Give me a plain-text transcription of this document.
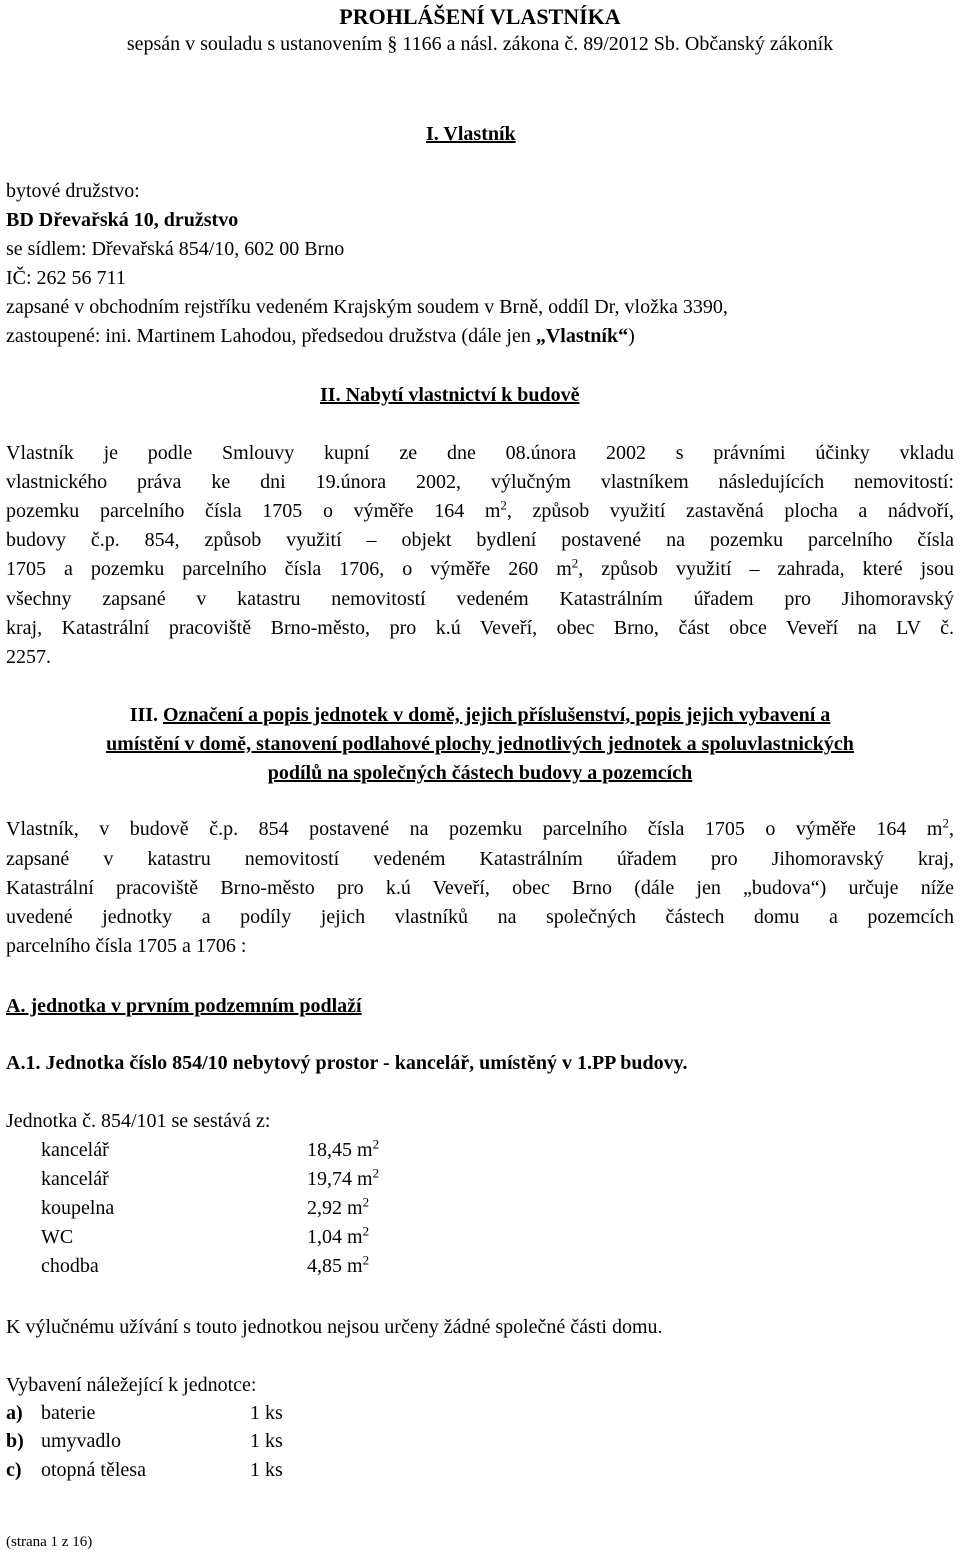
PROHLÁŠENÍ VLASTNÍKA
sepsán v souladu s ustanovením § 1166 a násl. zákona č. 89/2012 Sb. Občanský zákoník
I. Vlastník
bytové družstvo:
BD Dřevařská 10, družstvo
se sídlem: Dřevařská 854/10, 602 00 Brno
IČ: 262 56 711
zapsané v obchodním rejstříku vedeném Krajským soudem v Brně, oddíl Dr, vložka 3390,
zastoupené: ini. Martinem Lahodou, předsedou družstva (dále jen „Vlastník“)
II. Nabytí vlastnictví k budově
Vlastník je podle Smlouvy kupní ze dne 08.února 2002 s právními účinky vkladu
vlastnického práva ke dni 19.února 2002, výlučným vlastníkem následujících nemovitostí:
pozemku parcelního čísla 1705 o výměře 164 $m^2$, způsob využití zastavěná plocha a nádvoří,
budovy č.p. 854, způsob využití – objekt bydlení postavené na pozemku parcelního čísla
1705 a pozemku parcelního čísla 1706, o výměře 260 $m^2$, způsob využití – zahrada, které jsou
všechny zapsané v katastru nemovitostí vedeném Katastrálním úřadem pro Jihomoravský
kraj, Katastrální pracoviště Brno-město, pro k.ú Veveří, obec Brno, část obce Veveří na LV č.
2257.
III. Označení a popis jednotek v domě, jejich příslušenství, popis jejich vybavení a
umístění v domě, stanovení podlahové plochy jednotlivých jednotek a spoluvlastnických
podílů na společných částech budovy a pozemcích
Vlastník, v budově č.p. 854 postavené na pozemku parcelního čísla 1705 o výměře 164 $m^2$,
zapsané v katastru nemovitostí vedeném Katastrálním úřadem pro Jihomoravský kraj,
Katastrální pracoviště Brno-město pro k.ú Veveří, obec Brno (dále jen „budova“) určuje níže
uvedené jednotky a podíly jejich vlastníků na společných částech domu a pozemcích
parcelního čísla 1705 a 1706 :
A. jednotka v prvním podzemním podlaží
A.1. Jednotka číslo 854/10 nebytový prostor - kancelář, umístěný v 1.PP budovy.
Jednotka č. 854/101 se sestává z:
kancelář	18,45 $m^2$
kancelář	19,74 $m^2$
koupelna	2,92 $m^2$
WC	1,04 $m^2$
chodba	4,85 $m^2$
K výlučnému užívání s touto jednotkou nejsou určeny žádné společné části domu.
Vybavení náležející k jednotce:
a) baterie	1 ks
b) umyvadlo	1 ks
c) otopná tělesa	1 ks
(strana 1 z 16)
